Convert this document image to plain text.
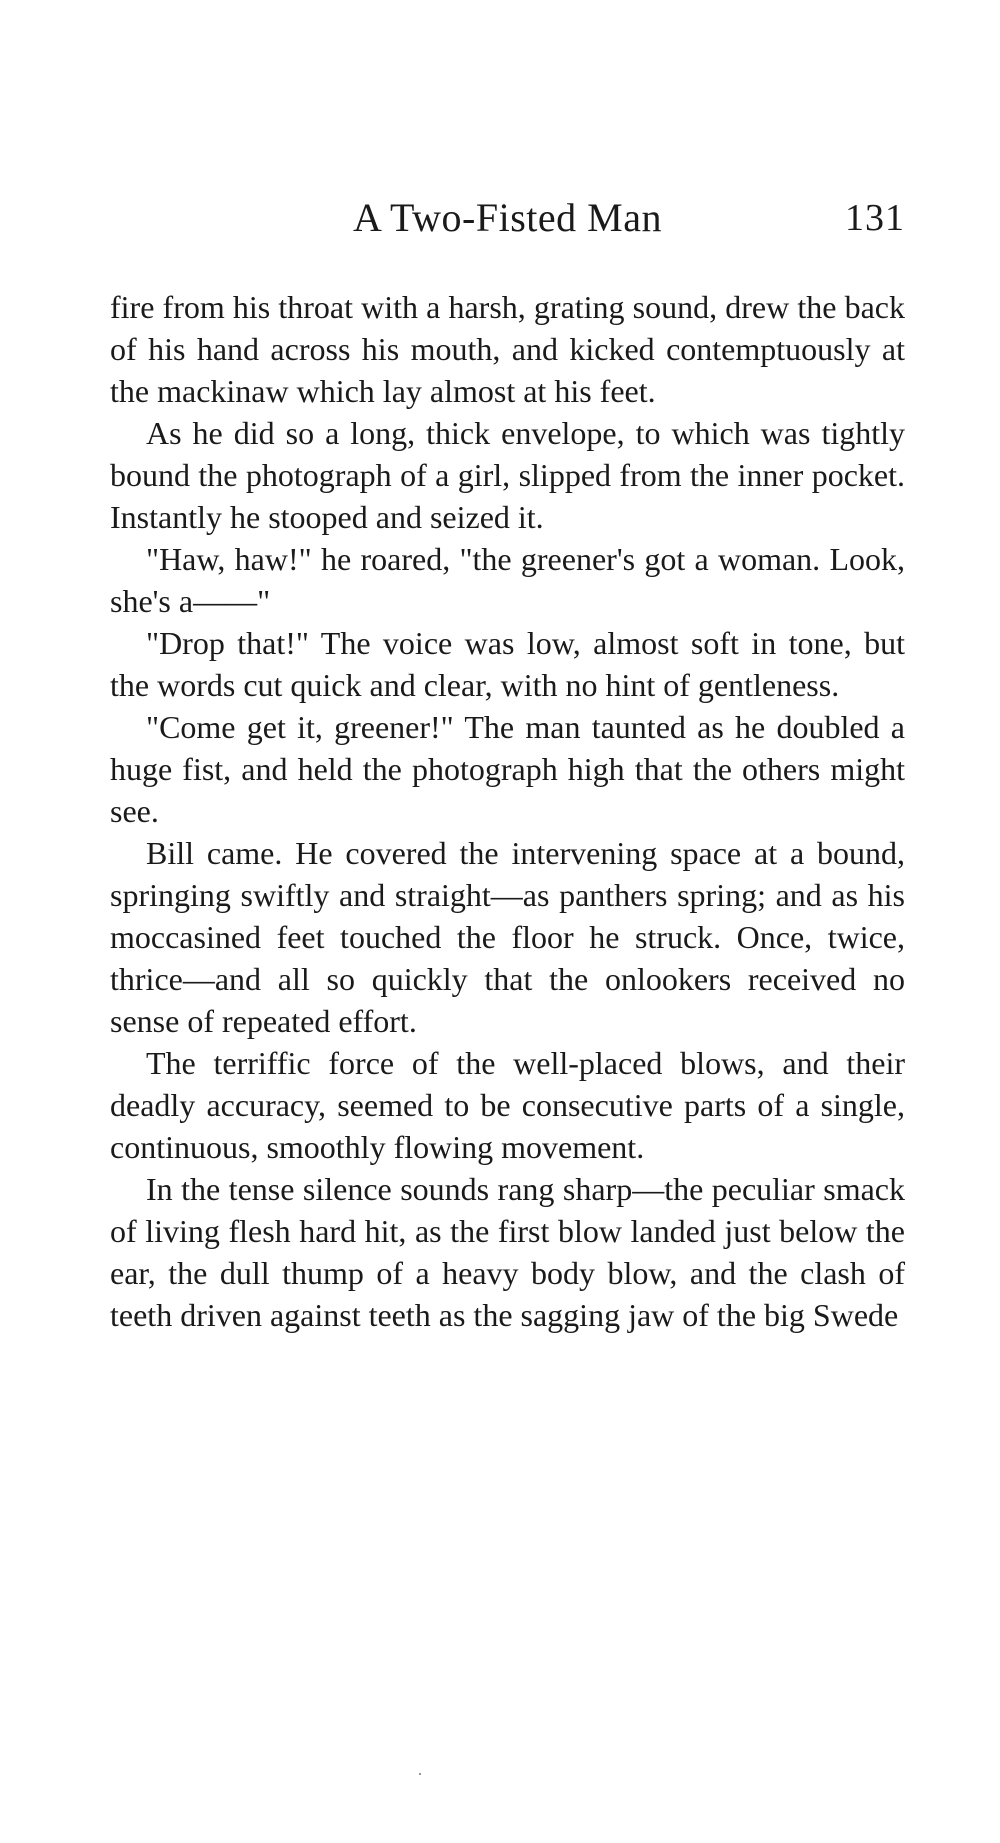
A Two-Fisted Man	131

fire from his throat with a harsh, grating sound, drew the back of his hand across his mouth, and kicked contemptuously at the mackinaw which lay almost at his feet.

As he did so a long, thick envelope, to which was tightly bound the photograph of a girl, slipped from the inner pocket. Instantly he stooped and seized it.

"Haw, haw!" he roared, "the greener's got a woman. Look, she's a——"

"Drop that!" The voice was low, almost soft in tone, but the words cut quick and clear, with no hint of gentleness.

"Come get it, greener!" The man taunted as he doubled a huge fist, and held the photograph high that the others might see.

Bill came. He covered the intervening space at a bound, springing swiftly and straight—as panthers spring; and as his moccasined feet touched the floor he struck. Once, twice, thrice—and all so quickly that the onlookers received no sense of repeated effort.

The terriffic force of the well-placed blows, and their deadly accuracy, seemed to be consecutive parts of a single, continuous, smoothly flowing movement.

In the tense silence sounds rang sharp—the peculiar smack of living flesh hard hit, as the first blow landed just below the ear, the dull thump of a heavy body blow, and the clash of teeth driven against teeth as the sagging jaw of the big Swede
